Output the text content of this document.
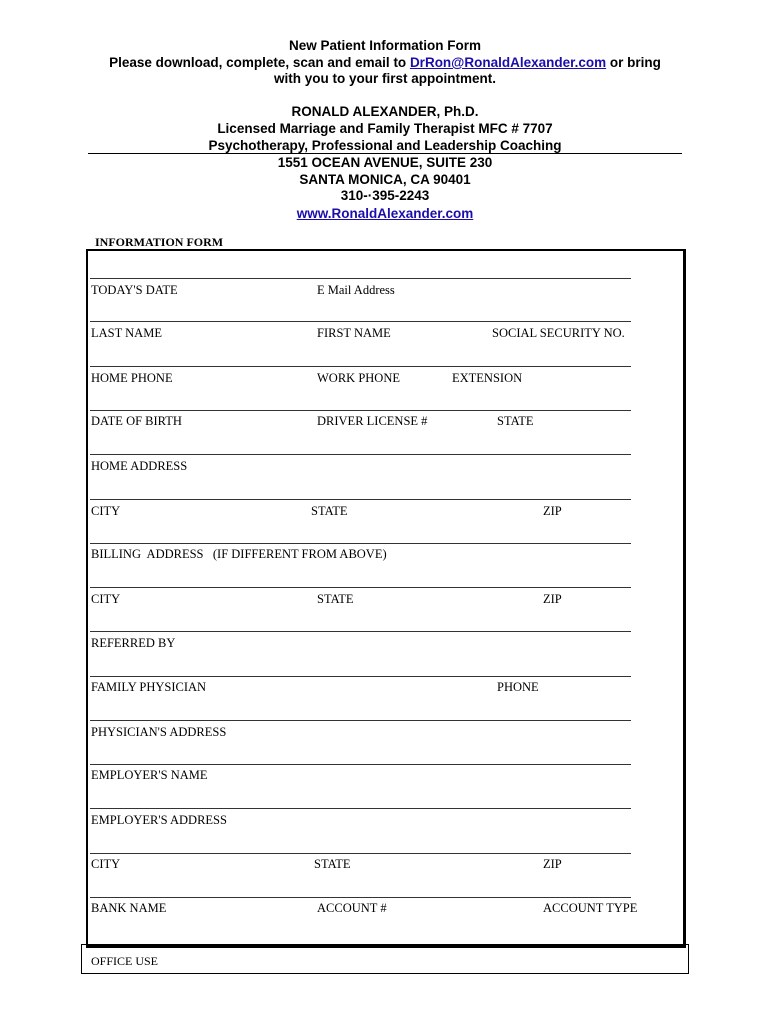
New Patient Information Form
Please download, complete, scan and email to DrRon@RonaldAlexander.com or bring
with you to your first appointment.
RONALD ALEXANDER, Ph.D.
Licensed Marriage and Family Therapist MFC # 7707
Psychotherapy, Professional and Leadership Coaching
1551 OCEAN AVENUE, SUITE 230
SANTA MONICA, CA 90401
310-·395-2243
www.RonaldAlexander.com
INFORMATION FORM
TODAY'S DATE	E Mail Address
LAST NAME	FIRST NAME	SOCIAL SECURITY NO.
HOME PHONE	WORK PHONE	EXTENSION
DATE OF BIRTH	DRIVER LICENSE #	STATE
HOME ADDRESS
CITY	STATE	ZIP
BILLING  ADDRESS   (IF DIFFERENT FROM ABOVE)
CITY	STATE	ZIP
REFERRED BY
FAMILY PHYSICIAN	PHONE
PHYSICIAN'S ADDRESS
EMPLOYER'S NAME
EMPLOYER'S ADDRESS
CITY	STATE	ZIP
BANK NAME	ACCOUNT #	ACCOUNT TYPE
OFFICE USE
